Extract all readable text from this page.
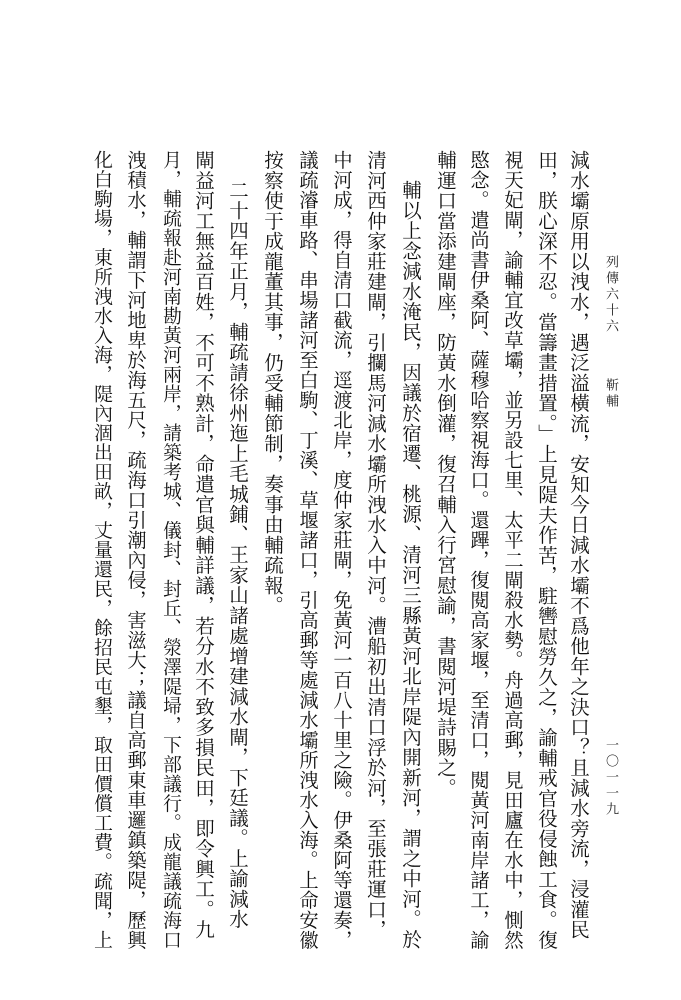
列傳六十六
靳輔
一〇一一九
減水壩原用以洩水，遇泛溢橫流，安知今日減水壩不爲他年之決口？且減水旁流，浸灌民
田，朕心深不忍。當籌畫措置。」上見隄夫作苦，駐轡慰勞久之，諭輔戒官役侵蝕工食。復
視天妃閘，諭輔宜改草壩，並另設七里、太平二閘殺水勢。舟過高郵，見田廬在水中，惻然
愍念。遣尚書伊桑阿、薩穆哈察視海口。還蹕，復閱高家堰，至清口，閱黃河南岸諸工，諭
輔運口當添建閘座，防黃水倒灌，復召輔入行宮慰諭，書閱河堤詩賜之。
輔以上念減水淹民，因議於宿遷、桃源、清河三縣黃河北岸隄內開新河，謂之中河。於
清河西仲家莊建閘，引攔馬河減水壩所洩水入中河。漕船初出清口浮於河，至張莊運口，
中河成，得自清口截流，逕渡北岸，度仲家莊閘，免黃河一百八十里之險。伊桑阿等還奏，
議疏濬車路、串場諸河至白駒、丁溪、草堰諸口，引高郵等處減水壩所洩水入海。上命安徽
按察使于成龍董其事，仍受輔節制，奏事由輔疏報。
二十四年正月，輔疏請徐州迤上毛城鋪、王家山諸處增建減水閘，下廷議。上諭減水
閘益河工無益百姓，不可不熟計，命遣官與輔詳議，若分水不致多損民田，即令興工。九
月，輔疏報赴河南勘黃河兩岸，請築考城、儀封、封丘、滎澤隄埽，下部議行。成龍議疏海口
洩積水，輔謂下河地卑於海五尺，疏海口引潮內侵，害滋大；議自高郵東車邏鎮築隄，歷興
化白駒場，東所洩水入海，隄內涸出田畝，丈量還民，餘招民屯墾，取田價償工費。疏聞，上
